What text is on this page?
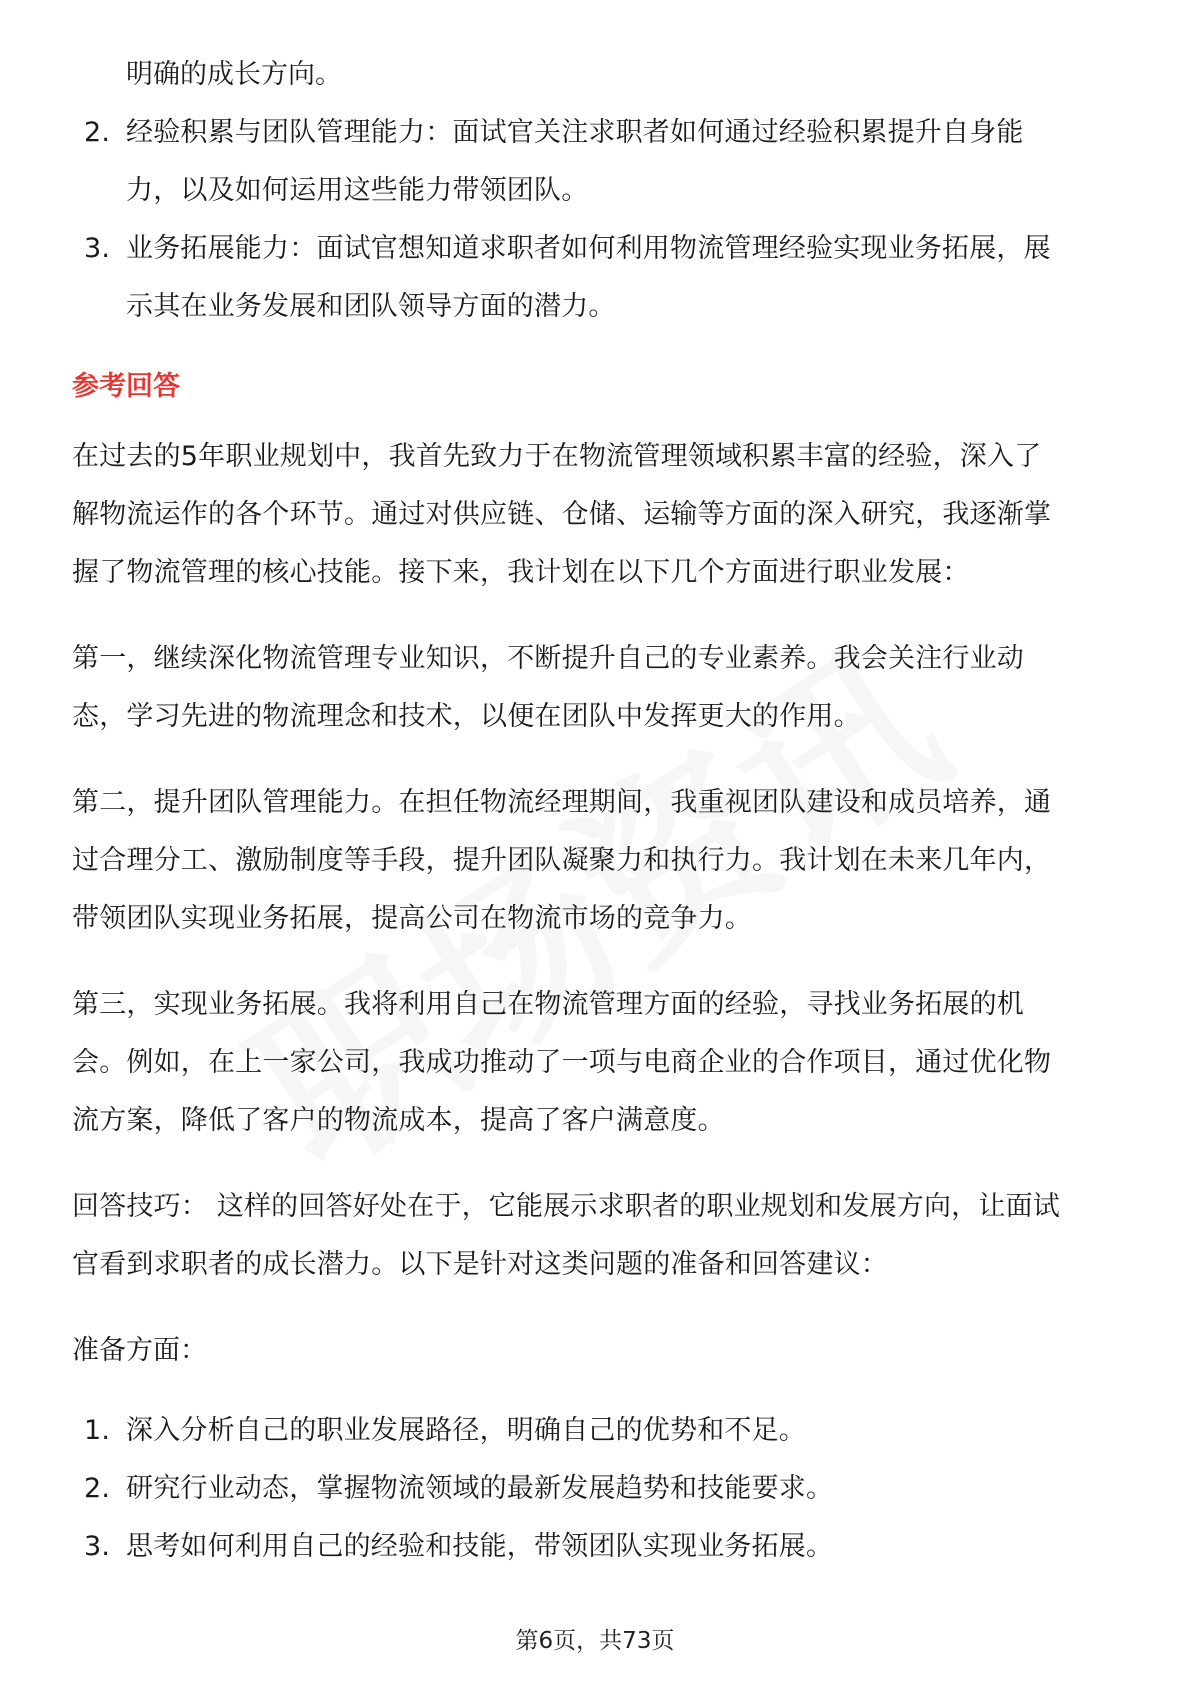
明确的成长方向。
2. 经验积累与团队管理能力：面试官关注求职者如何通过经验积累提升自身能
力，以及如何运用这些能力带领团队。
3. 业务拓展能力：面试官想知道求职者如何利用物流管理经验实现业务拓展，展
示其在业务发展和团队领导方面的潜力。
参考回答
在过去的5年职业规划中，我首先致力于在物流管理领域积累丰富的经验，深入了
解物流运作的各个环节。通过对供应链、仓储、运输等方面的深入研究，我逐渐掌
握了物流管理的核心技能。接下来，我计划在以下几个方面进行职业发展：
第一，继续深化物流管理专业知识，不断提升自己的专业素养。我会关注行业动
态，学习先进的物流理念和技术，以便在团队中发挥更大的作用。
第二，提升团队管理能力。在担任物流经理期间，我重视团队建设和成员培养，通
过合理分工、激励制度等手段，提升团队凝聚力和执行力。我计划在未来几年内，
带领团队实现业务拓展，提高公司在物流市场的竞争力。
第三，实现业务拓展。我将利用自己在物流管理方面的经验，寻找业务拓展的机
会。例如，在上一家公司，我成功推动了一项与电商企业的合作项目，通过优化物
流方案，降低了客户的物流成本，提高了客户满意度。
回答技巧： 这样的回答好处在于，它能展示求职者的职业规划和发展方向，让面试
官看到求职者的成长潜力。以下是针对这类问题的准备和回答建议：
准备方面：
1. 深入分析自己的职业发展路径，明确自己的优势和不足。
2. 研究行业动态，掌握物流领域的最新发展趋势和技能要求。
3. 思考如何利用自己的经验和技能，带领团队实现业务拓展。
第6页，共73页
